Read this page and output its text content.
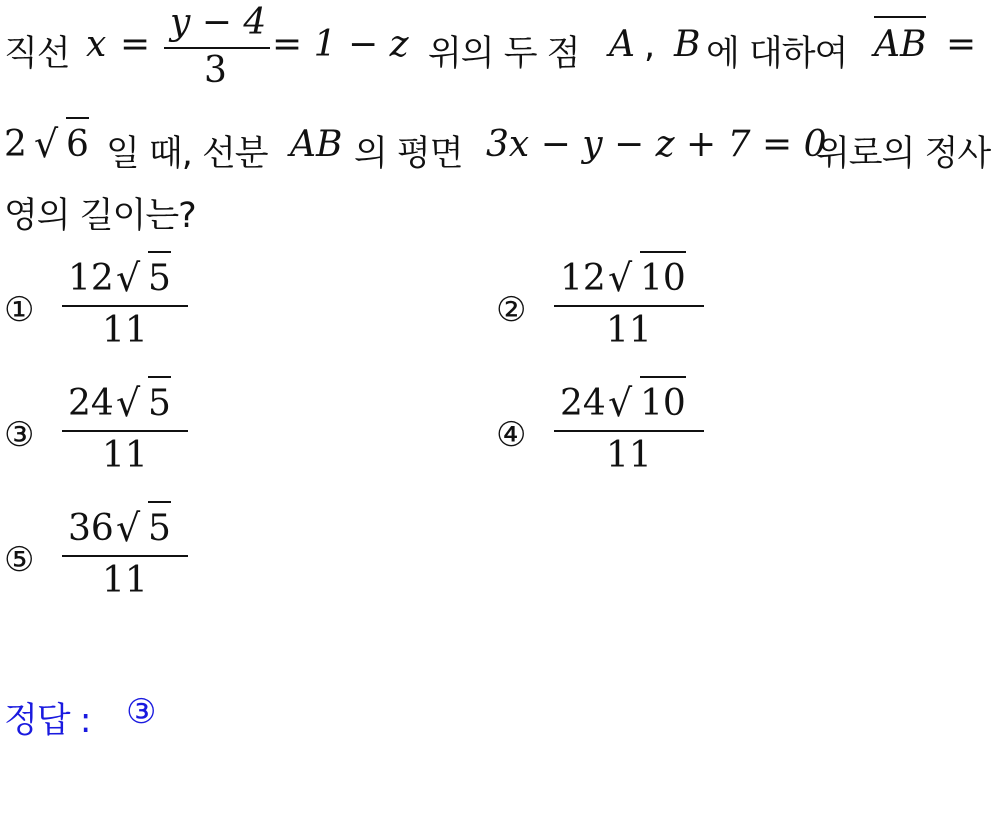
직선 x =
y − 4
3
= 1 − z 위의 두 점 A , B 에 대하여 AB =
2 √ 6 일 때, 선분 AB 의 평면 3x − y − z + 7 = 0
위로의 정사
영의 길이는?
①
12 √ 5
11	②
12 √ 10
11
③
24 √ 5
11	④
24 √ 10
11
⑤
36 √ 5
11
정답 : ③
